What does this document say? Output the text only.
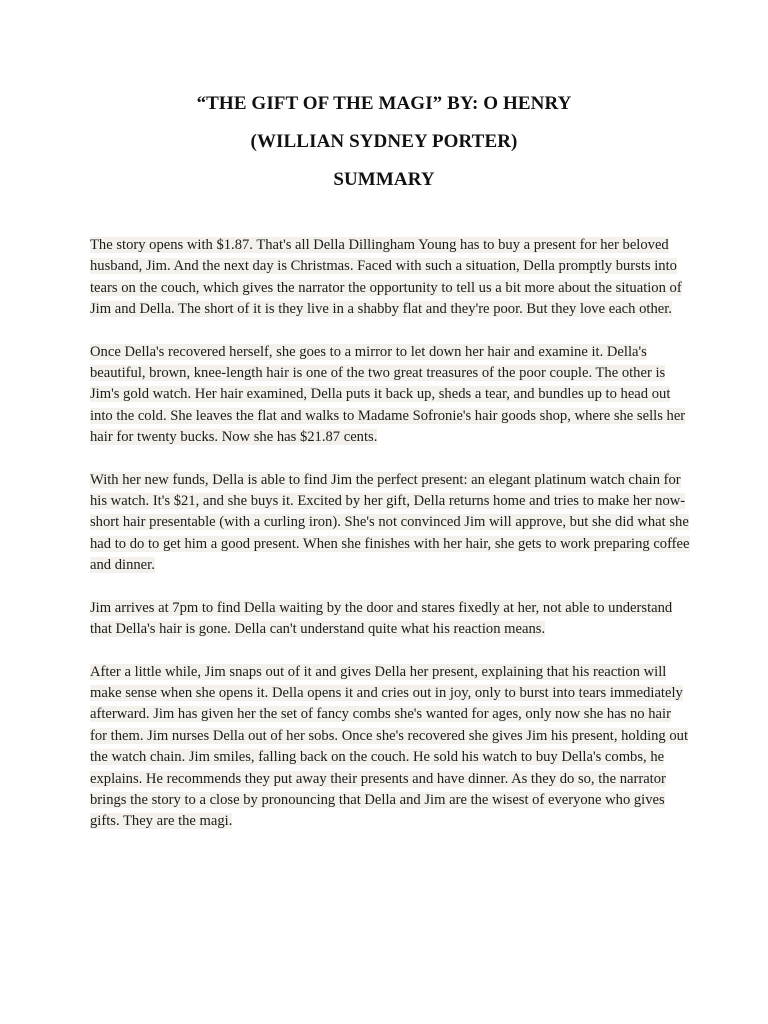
“THE GIFT OF THE MAGI” BY: O HENRY

(WILLIAN SYDNEY PORTER)

SUMMARY

The story opens with $1.87. That's all Della Dillingham Young has to buy a present for her beloved husband, Jim. And the next day is Christmas. Faced with such a situation, Della promptly bursts into tears on the couch, which gives the narrator the opportunity to tell us a bit more about the situation of Jim and Della. The short of it is they live in a shabby flat and they're poor. But they love each other.

Once Della's recovered herself, she goes to a mirror to let down her hair and examine it. Della's beautiful, brown, knee-length hair is one of the two great treasures of the poor couple. The other is Jim's gold watch. Her hair examined, Della puts it back up, sheds a tear, and bundles up to head out into the cold. She leaves the flat and walks to Madame Sofronie's hair goods shop, where she sells her hair for twenty bucks. Now she has $21.87 cents.

With her new funds, Della is able to find Jim the perfect present: an elegant platinum watch chain for his watch. It's $21, and she buys it. Excited by her gift, Della returns home and tries to make her now-short hair presentable (with a curling iron). She's not convinced Jim will approve, but she did what she had to do to get him a good present. When she finishes with her hair, she gets to work preparing coffee and dinner.

Jim arrives at 7pm to find Della waiting by the door and stares fixedly at her, not able to understand that Della's hair is gone. Della can't understand quite what his reaction means.

After a little while, Jim snaps out of it and gives Della her present, explaining that his reaction will make sense when she opens it. Della opens it and cries out in joy, only to burst into tears immediately afterward. Jim has given her the set of fancy combs she's wanted for ages, only now she has no hair for them. Jim nurses Della out of her sobs. Once she's recovered she gives Jim his present, holding out the watch chain. Jim smiles, falling back on the couch. He sold his watch to buy Della's combs, he explains. He recommends they put away their presents and have dinner. As they do so, the narrator brings the story to a close by pronouncing that Della and Jim are the wisest of everyone who gives gifts. They are the magi.
